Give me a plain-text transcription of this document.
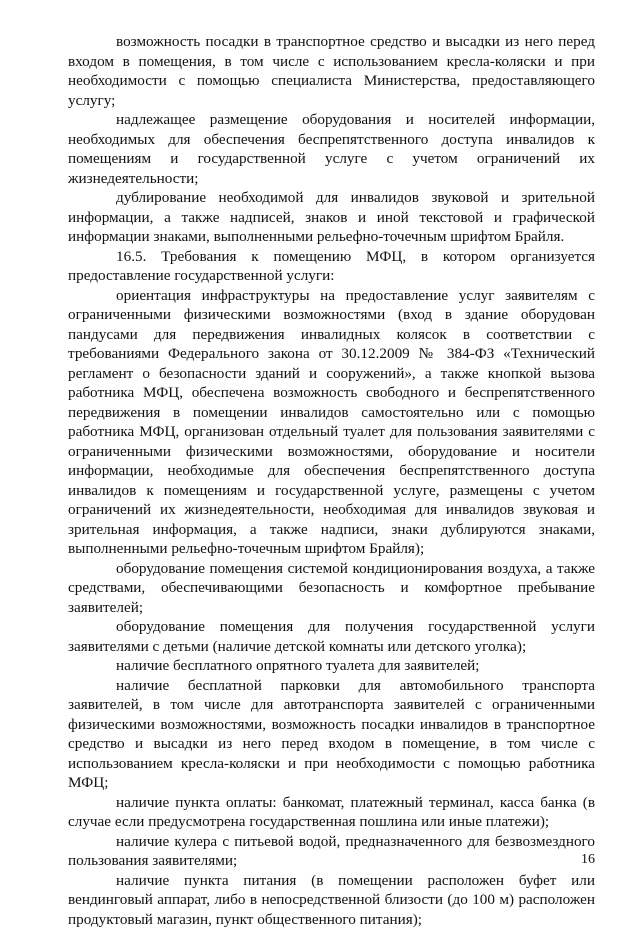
возможность посадки в транспортное средство и высадки из него перед входом в помещения, в том числе с использованием кресла-коляски и при необходимости с помощью специалиста Министерства, предоставляющего услугу;

надлежащее размещение оборудования и носителей информации, необходимых для обеспечения беспрепятственного доступа инвалидов к помещениям и государственной услуге с учетом ограничений их жизнедеятельности;

дублирование необходимой для инвалидов звуковой и зрительной информации, а также надписей, знаков и иной текстовой и графической информации знаками, выполненными рельефно-точечным шрифтом Брайля.

16.5. Требования к помещению МФЦ, в котором организуется предоставление государственной услуги:

ориентация инфраструктуры на предоставление услуг заявителям с ограниченными физическими возможностями (вход в здание оборудован пандусами для передвижения инвалидных колясок в соответствии с требованиями Федерального закона от 30.12.2009 № 384-ФЗ «Технический регламент о безопасности зданий и сооружений», а также кнопкой вызова работника МФЦ, обеспечена возможность свободного и беспрепятственного передвижения в помещении инвалидов самостоятельно или с помощью работника МФЦ, организован отдельный туалет для пользования заявителями с ограниченными физическими возможностями, оборудование и носители информации, необходимые для обеспечения беспрепятственного доступа инвалидов к помещениям и государственной услуге, размещены с учетом ограничений их жизнедеятельности, необходимая для инвалидов звуковая и зрительная информация, а также надписи, знаки дублируются знаками, выполненными рельефно-точечным шрифтом Брайля);

оборудование помещения системой кондиционирования воздуха, а также средствами, обеспечивающими безопасность и комфортное пребывание заявителей;

оборудование помещения для получения государственной услуги заявителями с детьми (наличие детской комнаты или детского уголка);

наличие бесплатного опрятного туалета для заявителей;

наличие бесплатной парковки для автомобильного транспорта заявителей, в том числе для автотранспорта заявителей с ограниченными физическими возможностями, возможность посадки инвалидов в транспортное средство и высадки из него перед входом в помещение, в том числе с использованием кресла-коляски и при необходимости с помощью работника МФЦ;

наличие пункта оплаты: банкомат, платежный терминал, касса банка (в случае если предусмотрена государственная пошлина или иные платежи);

наличие кулера с питьевой водой, предназначенного для безвозмездного пользования заявителями;

наличие пункта питания (в помещении расположен буфет или вендинговый аппарат, либо в непосредственной близости (до 100 м) расположен продуктовый магазин, пункт общественного питания);

16
